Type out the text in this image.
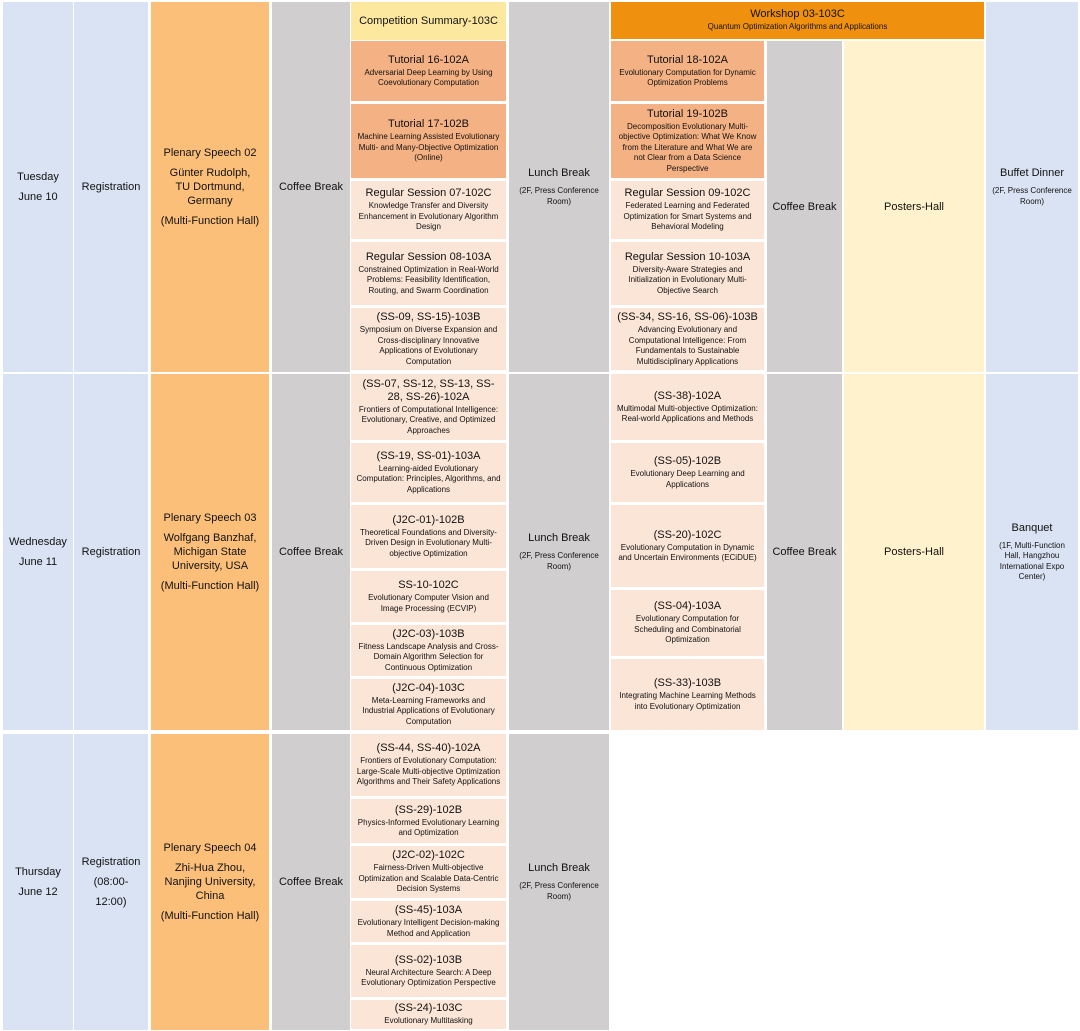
Tuesday
June 10
Registration
Plenary Speech 02
Günter Rudolph,
TU Dortmund,
Germany
(Multi-Function Hall)
Coffee Break
Lunch Break
(2F, Press Conference Room)
Competition Summary-103C
Tutorial 16-102A
Adversarial Deep Learning by Using Coevolutionary Computation
Tutorial 17-102B
Machine Learning Assisted Evolutionary Multi- and Many-Objective Optimization (Online)
Regular Session 07-102C
Knowledge Transfer and Diversity Enhancement in Evolutionary Algorithm Design
Regular Session 08-103A
Constrained Optimization in Real-World Problems: Feasibility Identification, Routing, and Swarm Coordination
(SS-09, SS-15)-103B
Symposium on Diverse Expansion and Cross-disciplinary Innovative Applications of Evolutionary Computation
Workshop 03-103C
Quantum Optimization Algorithms and Applications
Tutorial 18-102A
Evolutionary Computation for Dynamic Optimization Problems
Tutorial 19-102B
Decomposition Evolutionary Multi-objective Optimization: What We Know from the Literature and What We are not Clear from a Data Science Perspective
Regular Session 09-102C
Federated Learning and Federated Optimization for Smart Systems and Behavioral Modeling
Regular Session 10-103A
Diversity-Aware Strategies and Initialization in Evolutionary Multi-Objective Search
(SS-34, SS-16, SS-06)-103B
Advancing Evolutionary and Computational Intelligence: From Fundamentals to Sustainable Multidisciplinary Applications
Coffee Break	Posters-Hall
Buffet Dinner
(2F, Press Conference Room)
Wednesday
June 11
Registration
Plenary Speech 03
Wolfgang Banzhaf,
Michigan State
University, USA
(Multi-Function Hall)
Coffee Break
Lunch Break
(2F, Press Conference Room)
(SS-07, SS-12, SS-13, SS-28, SS-26)-102A
Frontiers of Computational Intelligence: Evolutionary, Creative, and Optimized Approaches
(SS-19, SS-01)-103A
Learning-aided Evolutionary Computation: Principles, Algorithms, and Applications
(J2C-01)-102B
Theoretical Foundations and Diversity-Driven Design in Evolutionary Multi-objective Optimization
SS-10-102C
Evolutionary Computer Vision and Image Processing (ECVIP)
(J2C-03)-103B
Fitness Landscape Analysis and Cross-Domain Algorithm Selection for Continuous Optimization
(J2C-04)-103C
Meta-Learning Frameworks and Industrial Applications of Evolutionary Computation
(SS-38)-102A
Multimodal Multi-objective Optimization: Real-world Applications and Methods
(SS-05)-102B
Evolutionary Deep Learning and Applications
(SS-20)-102C
Evolutionary Computation in Dynamic and Uncertain Environments (ECiDUE)
(SS-04)-103A
Evolutionary Computation for Scheduling and Combinatorial Optimization
(SS-33)-103B
Integrating Machine Learning Methods into Evolutionary Optimization
Coffee Break	Posters-Hall
Banquet
(1F, Multi-Function Hall, Hangzhou International Expo Center)
Thursday
June 12
Registration
(08:00-12:00)
Plenary Speech 04
Zhi-Hua Zhou,
Nanjing University,
China
(Multi-Function Hall)
Coffee Break
Lunch Break
(2F, Press Conference Room)
(SS-44, SS-40)-102A
Frontiers of Evolutionary Computation: Large-Scale Multi-objective Optimization Algorithms and Their Safety Applications
(SS-29)-102B
Physics-Informed Evolutionary Learning and Optimization
(J2C-02)-102C
Fairness-Driven Multi-objective Optimization and Scalable Data-Centric Decision Systems
(SS-45)-103A
Evolutionary Intelligent Decision-making Method and Application
(SS-02)-103B
Neural Architecture Search: A Deep Evolutionary Optimization Perspective
(SS-24)-103C
Evolutionary Multitasking
